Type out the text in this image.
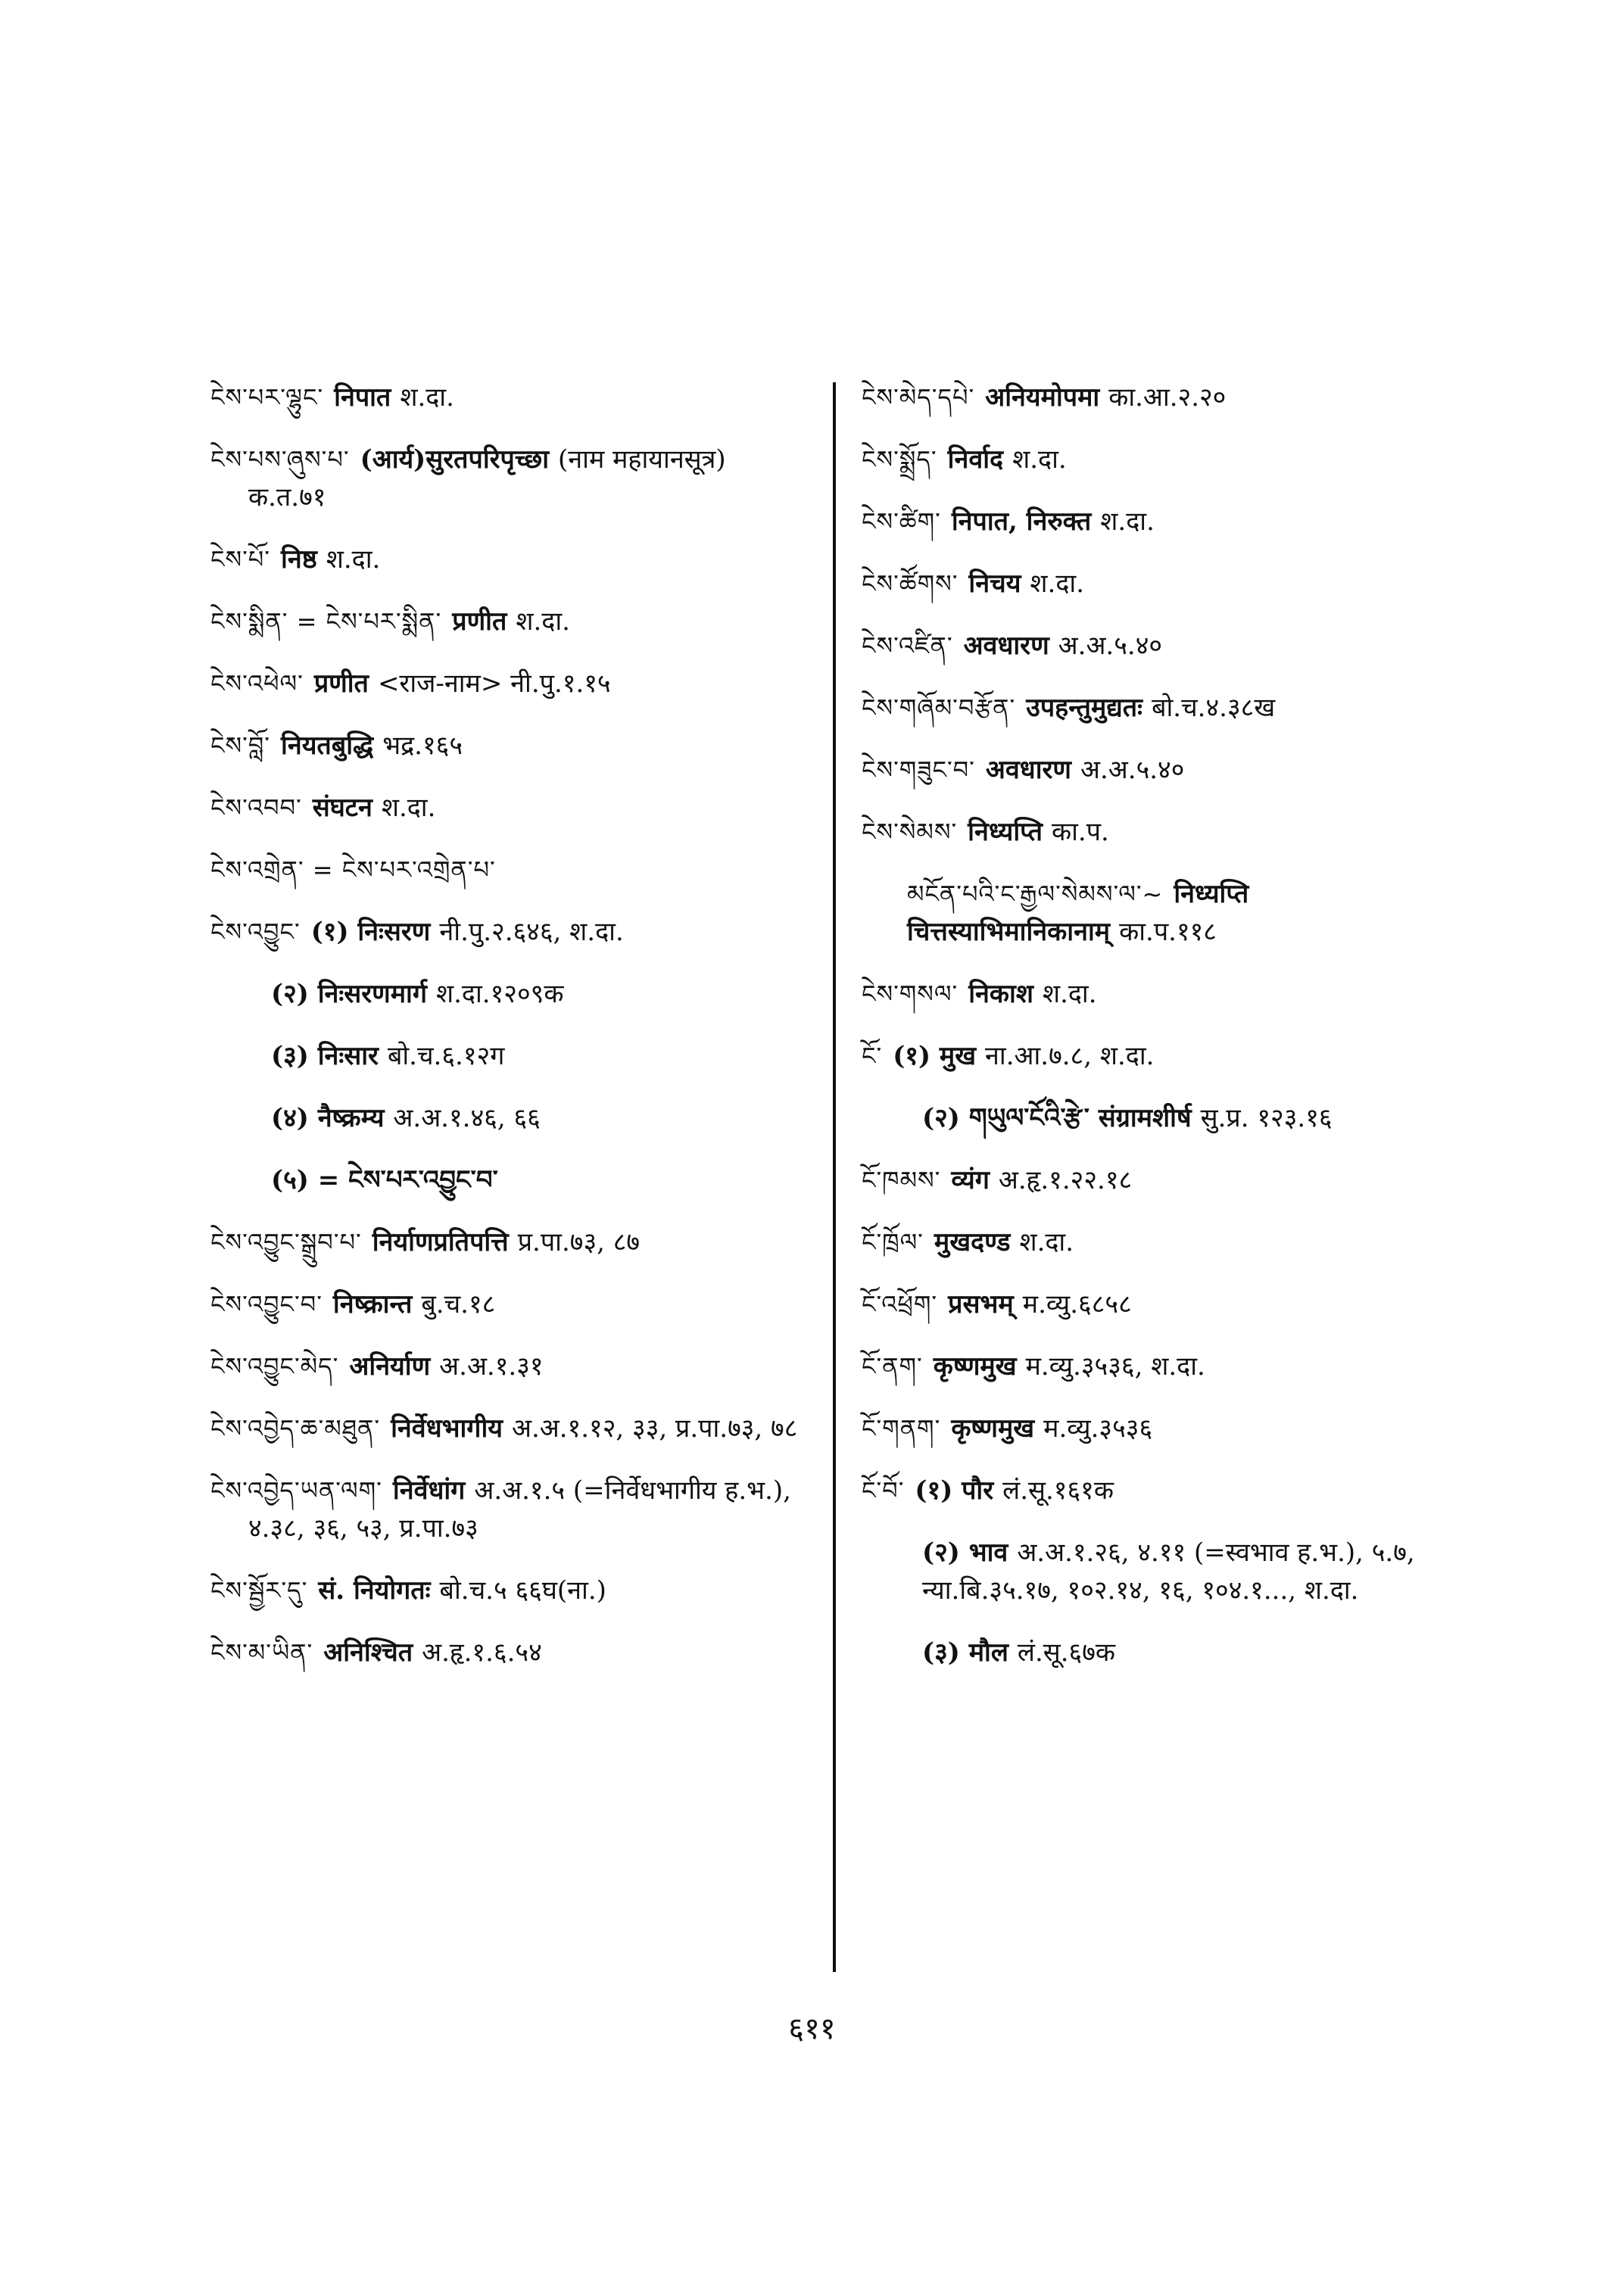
ངེས་པར་ལྷུང་ निपात श.दा.
ངེས་པས་ཞུས་པ་ (आर्य)सुरतपरिपृच्छा (नाम महायानसूत्र) क.त.७१
ངེས་པོ་ निष्ठ श.दा.
ངེས་སྨིན་ = ངེས་པར་སྨིན་ प्रणीत श.दा.
ངེས་འཕེལ་ प्रणीत <राज-नाम> नी.पु.१.१५
ངེས་བློ་ नियतबुद्धि भद्र.१६५
ངེས་འབབ་ संघटन श.दा.
ངེས་འགྲེན་ = ངེས་པར་འགྲེན་པ་
ངེས་འབྱུང་ (१) निःसरण नी.पु.२.६४६, श.दा.
(२) निःसरणमार्ग श.दा.१२०९क
(३) निःसार बो.च.६.१२ग
(४) नैष्क्रम्य अ.अ.१.४६, ६६
(५) = ངེས་པར་འབྱུང་བ་
ངེས་འབྱུང་སྒྲུབ་པ་ निर्याणप्रतिपत्ति प्र.पा.७३, ८७
ངེས་འབྱུང་བ་ निष्क्रान्त बु.च.१८
ངེས་འབྱུང་མེད་ अनिर्याण अ.अ.१.३१
ངེས་འབྱེད་ཆ་མཐུན་ निर्वेधभागीय अ.अ.१.१२, ३३, प्र.पा.७३, ७८
ངེས་འབྱེད་ཡན་ལག་ निर्वेधांग अ.अ.१.५ (=निर्वेधभागीय ह.भ.), ४.३८, ३६, ५३, प्र.पा.७३
ངེས་སྦྱོར་དུ་ सं. नियोगतः बो.च.५ ६६घ(ना.)
ངེས་མ་ཡིན་ अनिश्चित अ.हृ.१.६.५४
ངེས་མེད་དཔེ་ अनियमोपमा का.आ.२.२०
ངེས་སྨྲོད་ निर्वाद श.दा.
ངེས་ཚིག་ निपात, निरुक्त श.दा.
ངེས་ཚོགས་ निचय श.दा.
ངེས་འཛིན་ अवधारण अ.अ.५.४०
ངེས་གཞོམ་བརྩོན་ उपहन्तुमुद्यतः बो.च.४.३८ख
ངེས་གཟུང་བ་ अवधारण अ.अ.५.४०
ངེས་སེམས་ निध्यप्ति का.प.
མངོན་པའི་ང་རྒྱལ་སེམས་ལ་~ निध्यप्ति चित्तस्याभिमानिकानाम् का.प.११८
ངེས་གསལ་ निकाश श.दा.
ངོ་ (१) मुख ना.आ.७.८, श.दा.
(२) གཡུལ་ངོའི་རྩེ་ संग्रामशीर्ष सु.प्र. १२३.१६
ངོ་ཁམས་ व्यंग अ.हृ.१.२२.१८
ངོ་ཁྲོལ་ मुखदण्ड श.दा.
ངོ་འཕྲོག་ प्रसभम् म.व्यु.६८५८
ངོ་ནག་ कृष्णमुख म.व्यु.३५३६, श.दा.
ངོ་གནག་ कृष्णमुख म.व्यु.३५३६
ངོ་བོ་ (१) पौर लं.सू.१६१क
(२) भाव अ.अ.१.२६, ४.११ (=स्वभाव ह.भ.), ५.७, न्या.बि.३५.१७, १०२.१४, १६, १०४.१..., श.दा.
(३) मौल लं.सू.६७क
६११
